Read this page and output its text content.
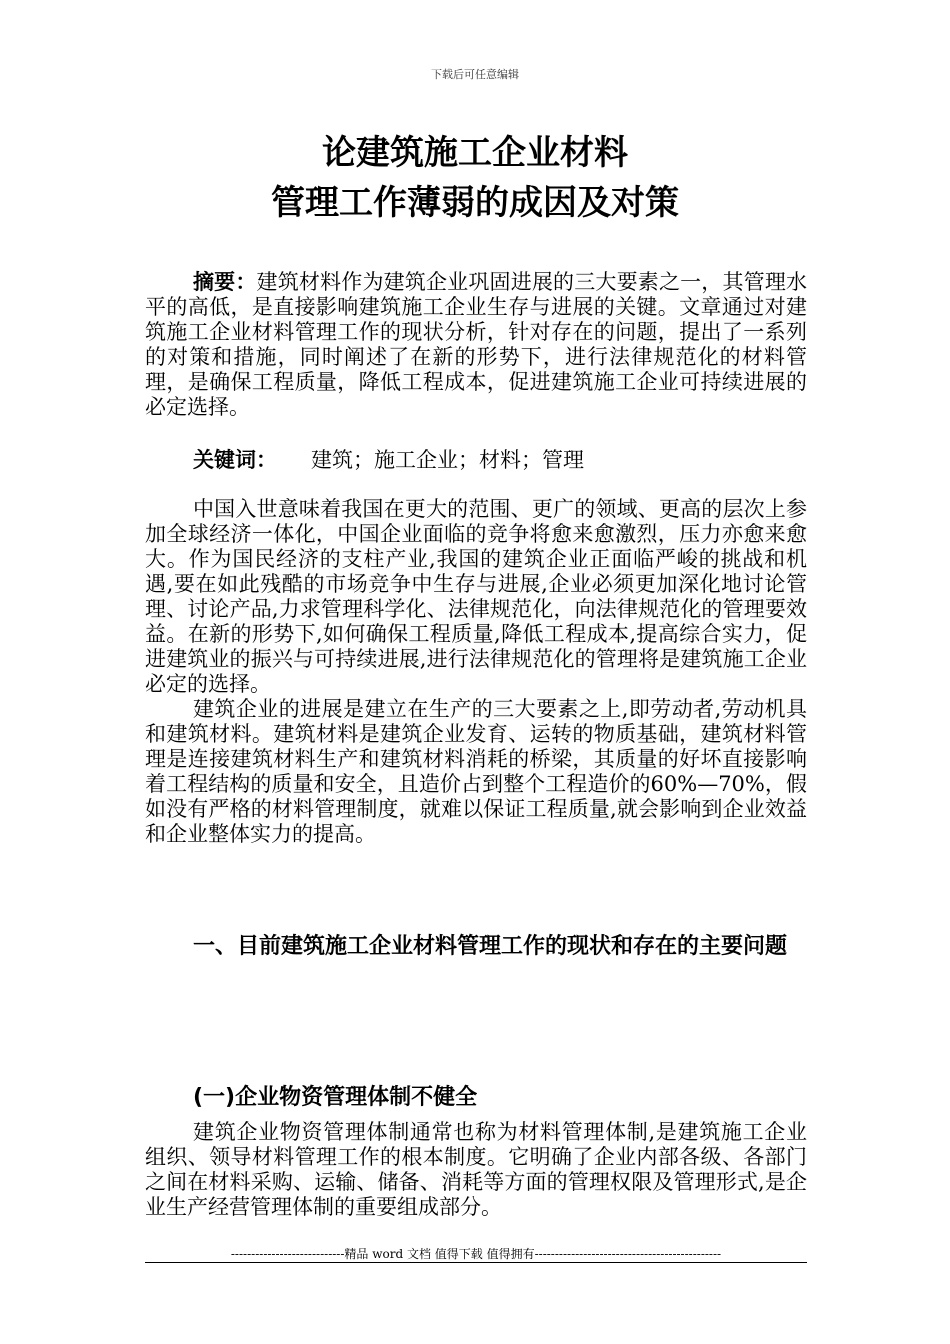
下载后可任意编辑
论建筑施工企业材料
管理工作薄弱的成因及对策

摘要：建筑材料作为建筑企业巩固进展的三大要素之一，其管理水平的高低，是直接影响建筑施工企业生存与进展的关键。文章通过对建筑施工企业材料管理工作的现状分析，针对存在的问题，提出了一系列的对策和措施，同时阐述了在新的形势下，进行法律规范化的材料管理，是确保工程质量，降低工程成本，促进建筑施工企业可持续进展的必定选择。

关键词： 建筑；施工企业；材料；管理

中国入世意味着我国在更大的范围、更广的领域、更高的层次上参加全球经济一体化，中国企业面临的竞争将愈来愈激烈，压力亦愈来愈大。作为国民经济的支柱产业,我国的建筑企业正面临严峻的挑战和机遇,要在如此残酷的市场竞争中生存与进展,企业必须更加深化地讨论管理、讨论产品,力求管理科学化、法律规范化，向法律规范化的管理要效益。在新的形势下,如何确保工程质量,降低工程成本,提高综合实力，促进建筑业的振兴与可持续进展,进行法律规范化的管理将是建筑施工企业必定的选择。

建筑企业的进展是建立在生产的三大要素之上,即劳动者,劳动机具和建筑材料。建筑材料是建筑企业发育、运转的物质基础，建筑材料管理是连接建筑材料生产和建筑材料消耗的桥梁，其质量的好坏直接影响着工程结构的质量和安全，且造价占到整个工程造价的60%—70%，假如没有严格的材料管理制度，就难以保证工程质量,就会影响到企业效益和企业整体实力的提高。

一、目前建筑施工企业材料管理工作的现状和存在的主要问题
(一)企业物资管理体制不健全

建筑企业物资管理体制通常也称为材料管理体制,是建筑施工企业组织、领导材料管理工作的根本制度。它明确了企业内部各级、各部门之间在材料采购、运输、储备、消耗等方面的管理权限及管理形式,是企业生产经营管理体制的重要组成部分。

----------------------------精品 word 文档 值得下载 值得拥有----------------------------------------------
